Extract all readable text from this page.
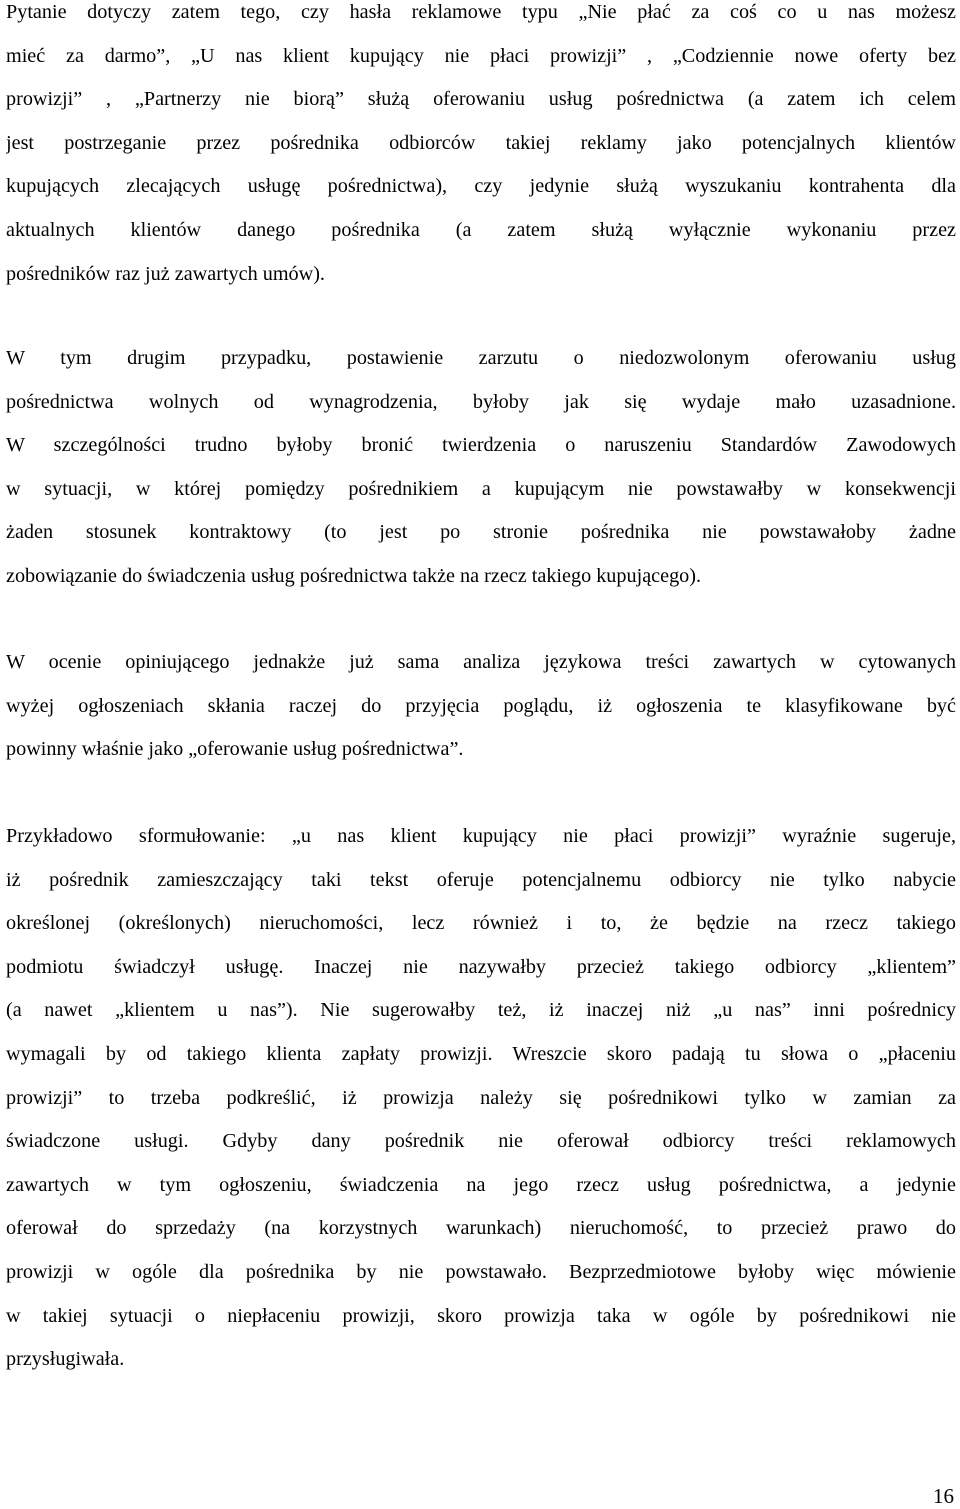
Pytanie dotyczy zatem tego, czy hasła reklamowe typu „Nie płać za coś co u nas możesz
mieć za darmo”, „U nas klient kupujący nie płaci prowizji” , „Codziennie nowe oferty bez
prowizji” , „Partnerzy nie biorą” służą oferowaniu usług pośrednictwa (a zatem ich celem
jest postrzeganie przez pośrednika odbiorców takiej reklamy jako potencjalnych klientów
kupujących zlecających usługę pośrednictwa), czy jedynie służą wyszukaniu kontrahenta dla
aktualnych klientów danego pośrednika (a zatem służą wyłącznie wykonaniu przez
pośredników raz już zawartych umów).
W tym drugim przypadku, postawienie zarzutu o niedozwolonym oferowaniu usług
pośrednictwa wolnych od wynagrodzenia, byłoby jak się wydaje mało uzasadnione.
W szczególności trudno byłoby bronić twierdzenia o naruszeniu Standardów Zawodowych
w sytuacji, w której pomiędzy pośrednikiem a kupującym nie powstawałby w konsekwencji
żaden stosunek kontraktowy (to jest po stronie pośrednika nie powstawałoby żadne
zobowiązanie do świadczenia usług pośrednictwa także na rzecz takiego kupującego).
W ocenie opiniującego jednakże już sama analiza językowa treści zawartych w cytowanych
wyżej ogłoszeniach skłania raczej do przyjęcia poglądu, iż ogłoszenia te klasyfikowane być
powinny właśnie jako „oferowanie usług pośrednictwa”.
Przykładowo sformułowanie: „u nas klient kupujący nie płaci prowizji” wyraźnie sugeruje,
iż pośrednik zamieszczający taki tekst oferuje potencjalnemu odbiorcy nie tylko nabycie
określonej (określonych) nieruchomości, lecz również i to, że będzie na rzecz takiego
podmiotu świadczył usługę. Inaczej nie nazywałby przecież takiego odbiorcy „klientem”
(a nawet „klientem u nas”). Nie sugerowałby też, iż inaczej niż „u nas” inni pośrednicy
wymagali by od takiego klienta zapłaty prowizji. Wreszcie skoro padają tu słowa o „płaceniu
prowizji” to trzeba podkreślić, iż prowizja należy się pośrednikowi tylko w zamian za
świadczone usługi. Gdyby dany pośrednik nie oferował odbiorcy treści reklamowych
zawartych w tym ogłoszeniu, świadczenia na jego rzecz usług pośrednictwa, a jedynie
oferował do sprzedaży (na korzystnych warunkach) nieruchomość, to przecież prawo do
prowizji w ogóle dla pośrednika by nie powstawało. Bezprzedmiotowe byłoby więc mówienie
w takiej sytuacji o niepłaceniu prowizji, skoro prowizja taka w ogóle by pośrednikowi nie
przysługiwała.
16
